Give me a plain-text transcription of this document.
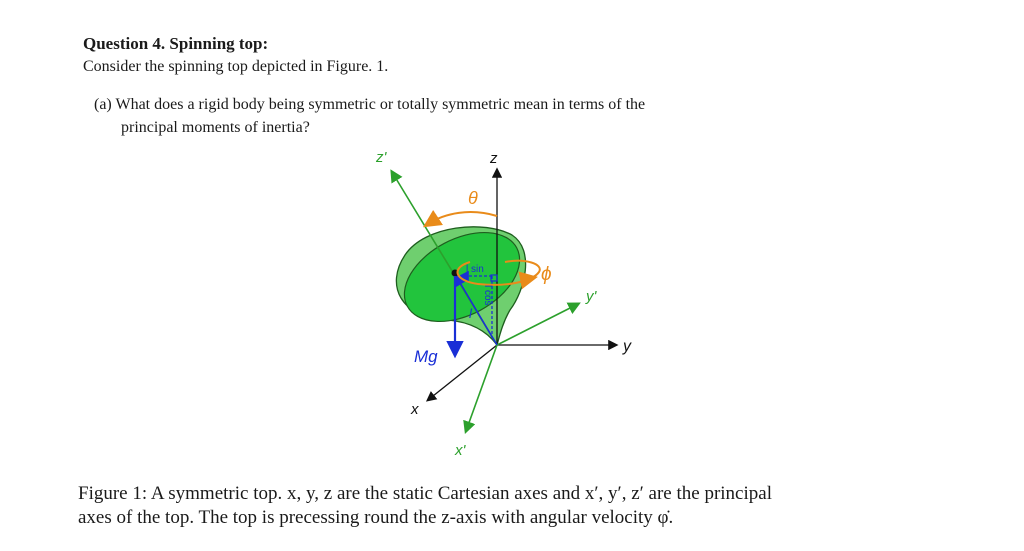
Question 4. Spinning top:
Consider the spinning top depicted in Figure. 1.
(a) What does a rigid body being symmetric or totally symmetric mean in terms of the
principal moments of inertia?
z'	z
θ
ϕ
y'
y
x
x'
Mg
l sin
l cos
l
Figure 1: A symmetric top. x, y, z are the static Cartesian axes and x′, y′, z′ are the principal
axes of the top. The top is precessing round the z-axis with angular velocity φ̇.
